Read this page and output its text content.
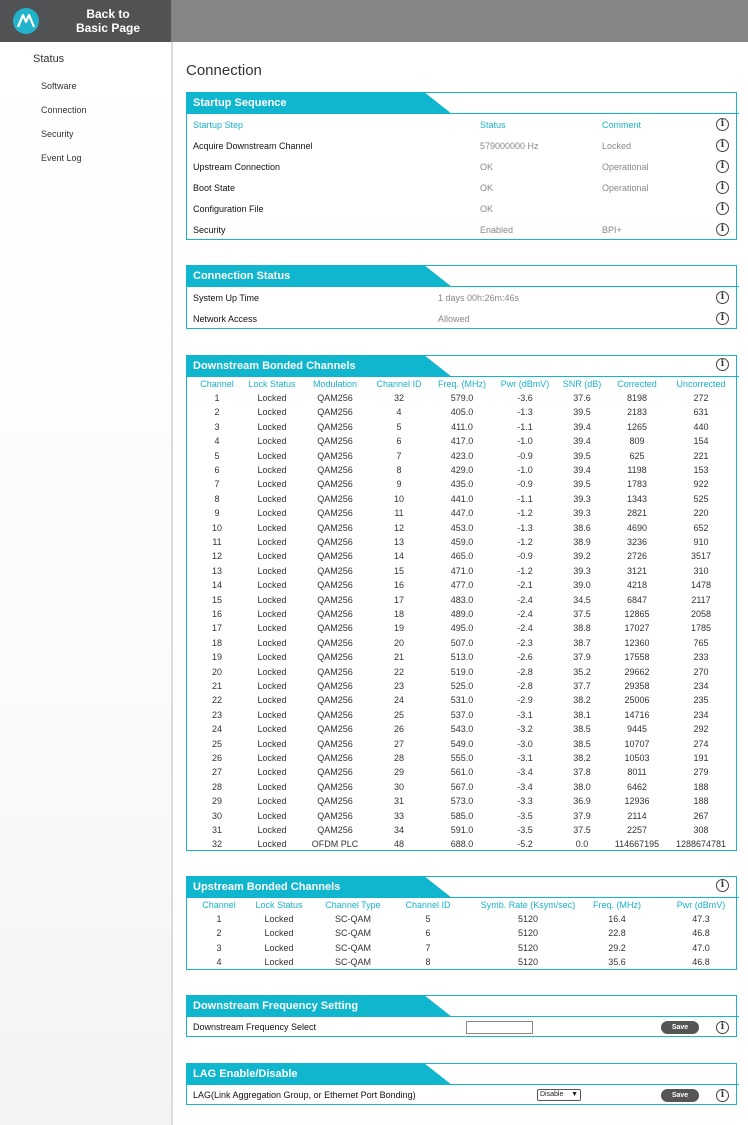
Back to
Basic Page
Status
Software
Connection
Security
Event Log
Connection
Startup Sequence
Startup Step	Status	Comment	i
Acquire Downstream Channel	579000000 Hz	Locked	i
Upstream Connection	OK	Operational	i
Boot State	OK	Operational	i
Configuration File	OK	i
Security	Enabled	BPI+	i
Connection Status
System Up Time	1 days 00h:26m:46s	i
Network Access	Allowed	i
Downstream Bonded Channels	i
Channel	Lock Status	Modulation	Channel ID	Freq. (MHz)	Pwr (dBmV)	SNR (dB)	Corrected	Uncorrected
1	Locked	QAM256	32	579.0	-3.6	37.6	8198	272
2	Locked	QAM256	4	405.0	-1.3	39.5	2183	631
3	Locked	QAM256	5	411.0	-1.1	39.4	1265	440
4	Locked	QAM256	6	417.0	-1.0	39.4	809	154
5	Locked	QAM256	7	423.0	-0.9	39.5	625	221
6	Locked	QAM256	8	429.0	-1.0	39.4	1198	153
7	Locked	QAM256	9	435.0	-0.9	39.5	1783	922
8	Locked	QAM256	10	441.0	-1.1	39.3	1343	525
9	Locked	QAM256	11	447.0	-1.2	39.3	2821	220
10	Locked	QAM256	12	453.0	-1.3	38.6	4690	652
11	Locked	QAM256	13	459.0	-1.2	38.9	3236	910
12	Locked	QAM256	14	465.0	-0.9	39.2	2726	3517
13	Locked	QAM256	15	471.0	-1.2	39.3	3121	310
14	Locked	QAM256	16	477.0	-2.1	39.0	4218	1478
15	Locked	QAM256	17	483.0	-2.4	34.5	6847	2117
16	Locked	QAM256	18	489.0	-2.4	37.5	12865	2058
17	Locked	QAM256	19	495.0	-2.4	38.8	17027	1785
18	Locked	QAM256	20	507.0	-2.3	38.7	12360	765
19	Locked	QAM256	21	513.0	-2.6	37.9	17558	233
20	Locked	QAM256	22	519.0	-2.8	35.2	29662	270
21	Locked	QAM256	23	525.0	-2.8	37.7	29358	234
22	Locked	QAM256	24	531.0	-2.9	38.2	25006	235
23	Locked	QAM256	25	537.0	-3.1	38.1	14716	234
24	Locked	QAM256	26	543.0	-3.2	38.5	9445	292
25	Locked	QAM256	27	549.0	-3.0	38.5	10707	274
26	Locked	QAM256	28	555.0	-3.1	38.2	10503	191
27	Locked	QAM256	29	561.0	-3.4	37.8	8011	279
28	Locked	QAM256	30	567.0	-3.4	38.0	6462	188
29	Locked	QAM256	31	573.0	-3.3	36.9	12936	188
30	Locked	QAM256	33	585.0	-3.5	37.9	2114	267
31	Locked	QAM256	34	591.0	-3.5	37.5	2257	308
32	Locked	OFDM PLC	48	688.0	-5.2	0.0	114667195	1288674781
Upstream Bonded Channels	i
Channel	Lock Status	Channel Type	Channel ID	Symb. Rate (Ksym/sec)	Freq. (MHz)	Pwr (dBmV)
1	Locked	SC-QAM	5	5120	16.4	47.3
2	Locked	SC-QAM	6	5120	22.8	46.8
3	Locked	SC-QAM	7	5120	29.2	47.0
4	Locked	SC-QAM	8	5120	35.6	46.8
Downstream Frequency Setting
Downstream Frequency Select	Save	i
LAG Enable/Disable
LAG(Link Aggregation Group, or Ethernet Port Bonding)	Disable ▼	Save	i
